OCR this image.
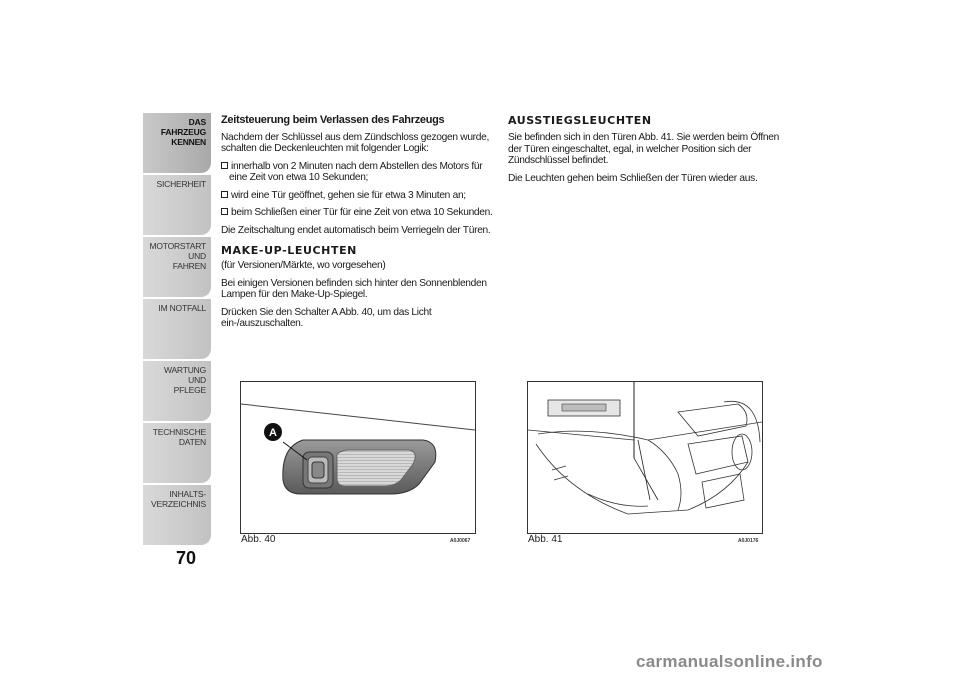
DAS FAHRZEUG
KENNEN
SICHERHEIT
MOTORSTART UND
FAHREN
IM NOTFALL
WARTUNG UND
PFLEGE
TECHNISCHE DATEN
INHALTS-
VERZEICHNIS
70

Zeitsteuerung beim Verlassen des Fahrzeugs

Nachdem der Schlüssel aus dem Zündschloss gezogen wurde, schalten die Deckenleuchten mit folgender Logik:

innerhalb von 2 Minuten nach dem Abstellen des Motors für eine Zeit von etwa 10 Sekunden;

wird eine Tür geöffnet, gehen sie für etwa 3 Minuten an;

beim Schließen einer Tür für eine Zeit von etwa 10 Sekunden.

Die Zeitschaltung endet automatisch beim Verriegeln der Türen.

MAKE-UP-LEUCHTEN

(für Versionen/Märkte, wo vorgesehen)

Bei einigen Versionen befinden sich hinter den Sonnenblenden Lampen für den Make-Up-Spiegel.

Drücken Sie den Schalter A Abb. 40, um das Licht ein-/auszuschalten.

AUSSTIEGSLEUCHTEN

Sie befinden sich in den Türen Abb. 41. Sie werden beim Öffnen der Türen eingeschaltet, egal, in welcher Position sich der Zündschlüssel befindet.

Die Leuchten gehen beim Schließen der Türen wieder aus.

A
Abb. 40	A0J0067	Abb. 41	A0J0176
carmanualsonline.info
